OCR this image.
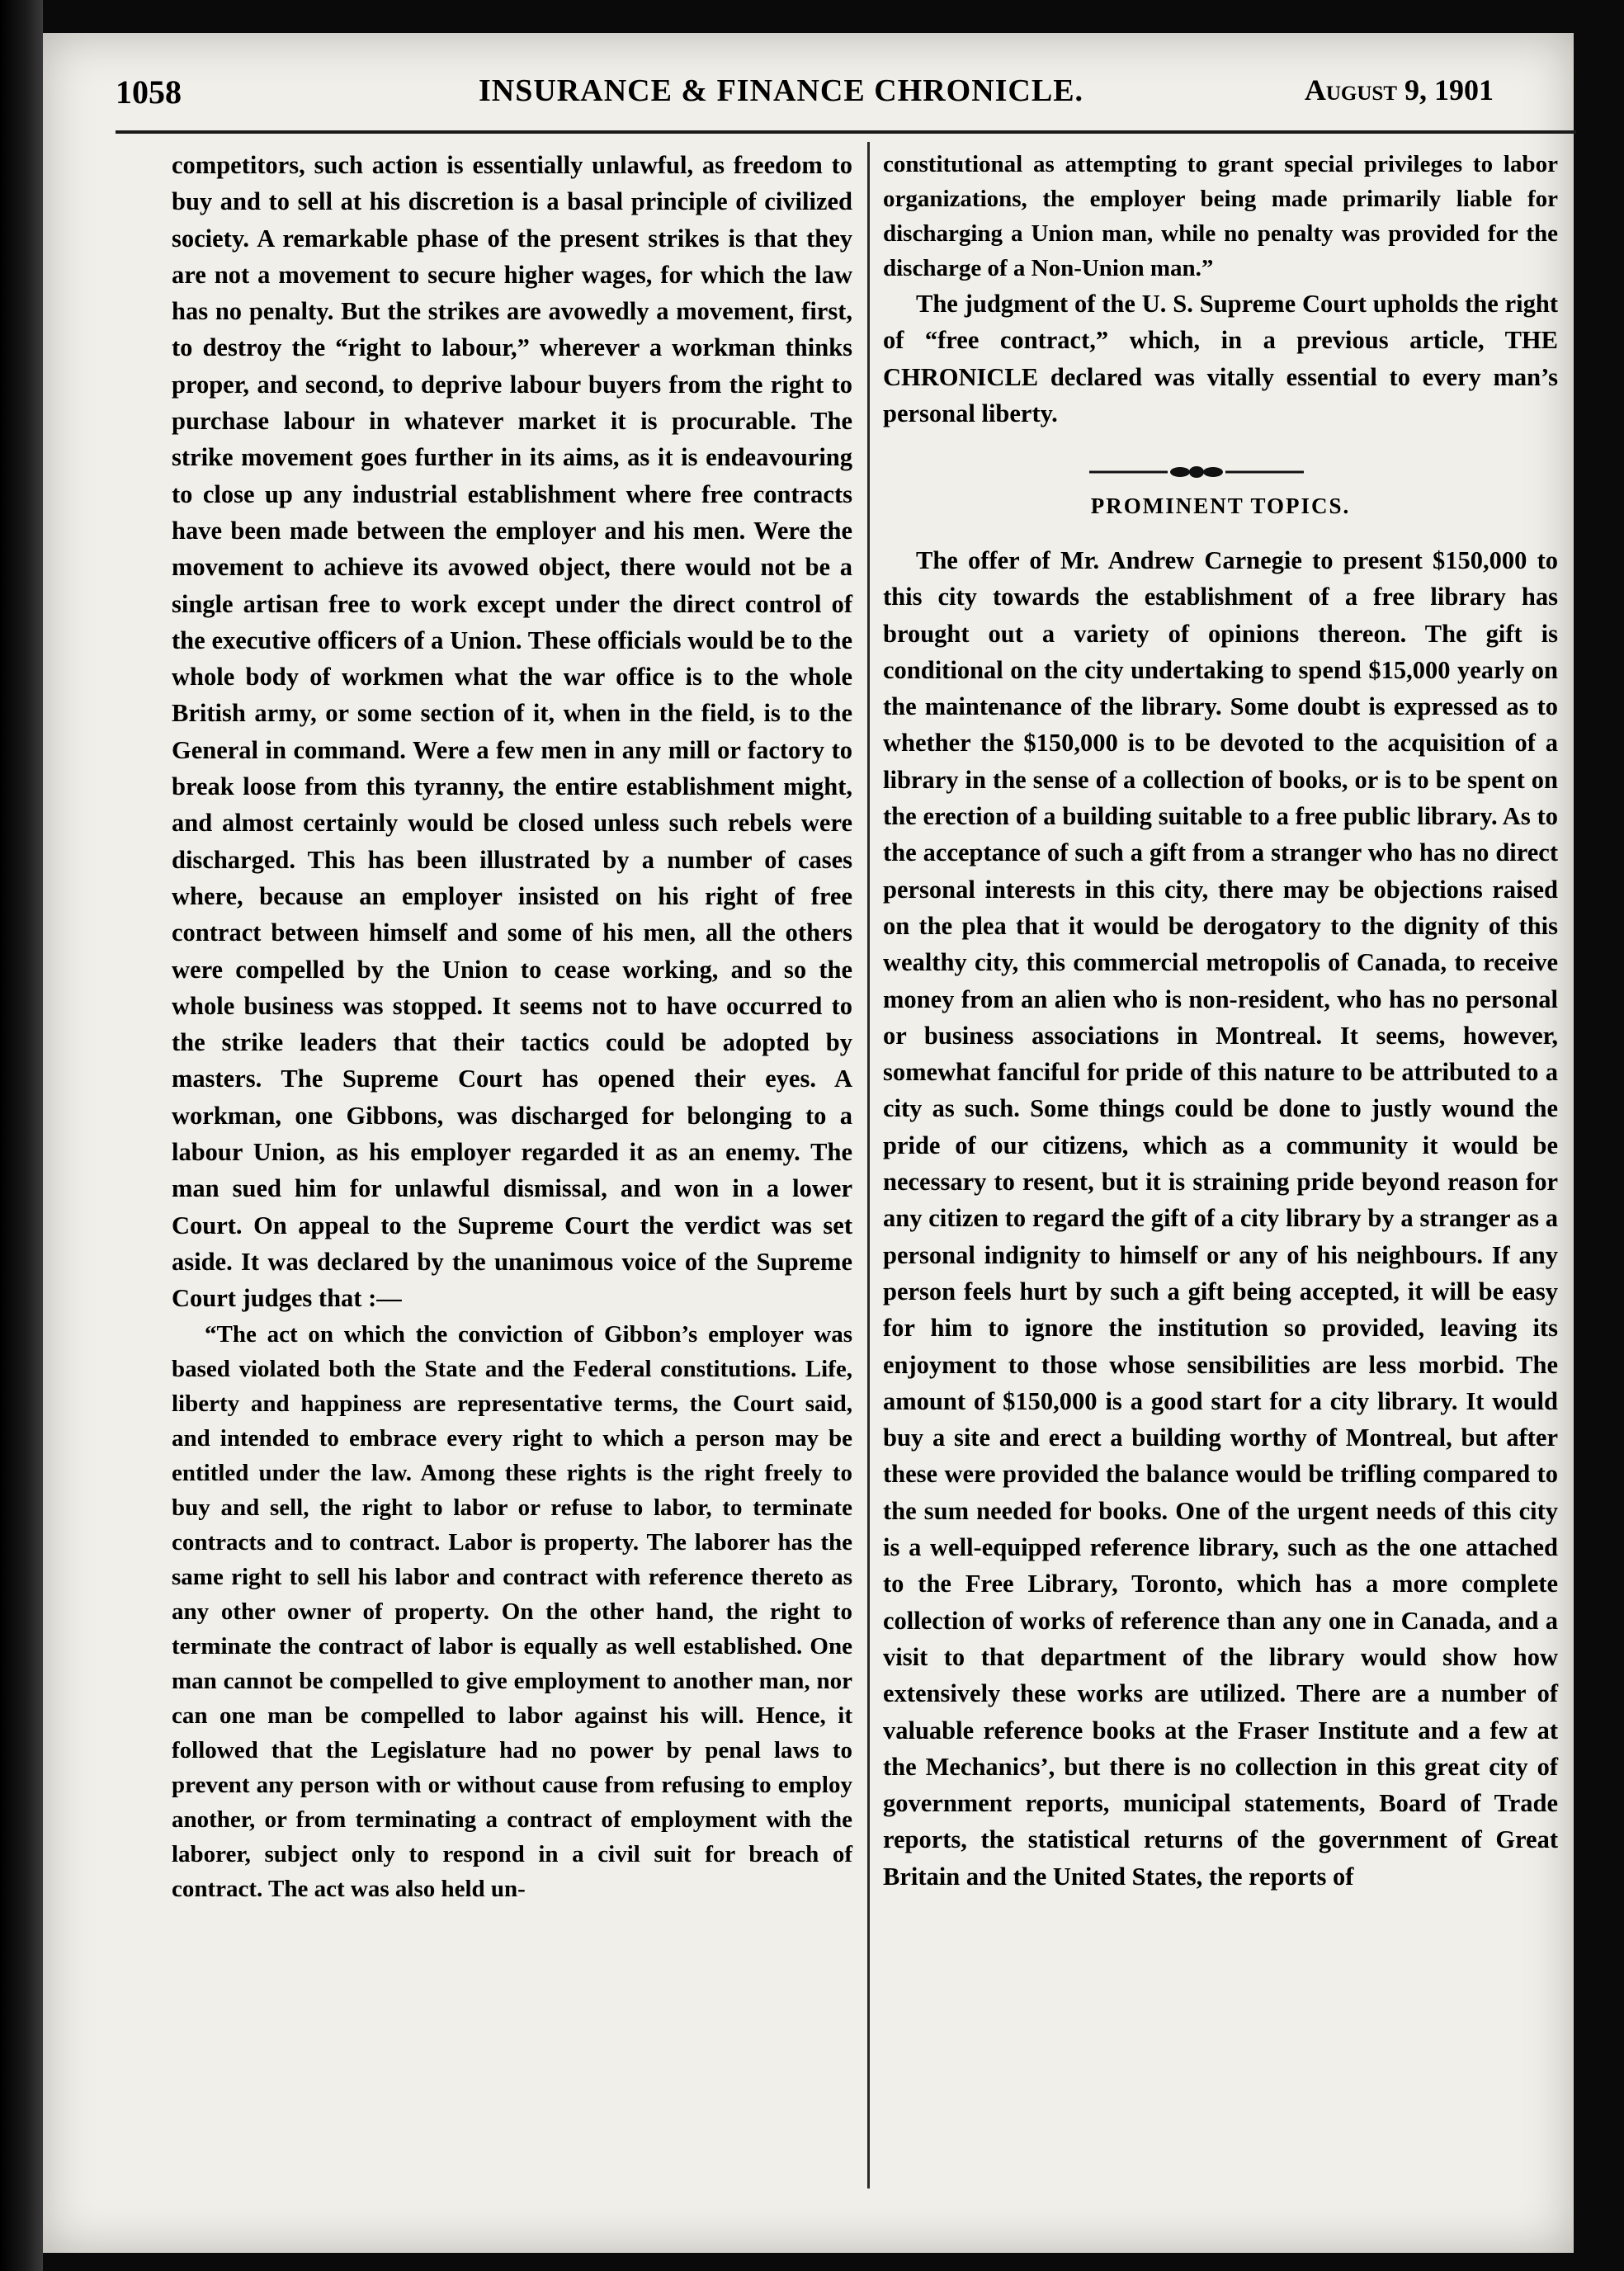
1058	INSURANCE & FINANCE CHRONICLE.	August 9, 1901

competitors, such action is essentially unlawful, as freedom to buy and to sell at his discretion is a basal principle of civilized society. A remarkable phase of the present strikes is that they are not a movement to secure higher wages, for which the law has no penalty. But the strikes are avowedly a movement, first, to destroy the “right to labour,” wherever a workman thinks proper, and second, to deprive labour buyers from the right to purchase labour in whatever market it is procurable. The strike movement goes further in its aims, as it is endeavouring to close up any industrial establishment where free contracts have been made between the employer and his men. Were the movement to achieve its avowed object, there would not be a single artisan free to work except under the direct control of the executive officers of a Union. These officials would be to the whole body of workmen what the war office is to the whole British army, or some section of it, when in the field, is to the General in command. Were a few men in any mill or factory to break loose from this tyranny, the entire establishment might, and almost certainly would be closed unless such rebels were discharged. This has been illustrated by a number of cases where, because an employer insisted on his right of free contract between himself and some of his men, all the others were compelled by the Union to cease working, and so the whole business was stopped. It seems not to have occurred to the strike leaders that their tactics could be adopted by masters. The Supreme Court has opened their eyes. A workman, one Gibbons, was discharged for belonging to a labour Union, as his employer regarded it as an enemy. The man sued him for unlawful dismissal, and won in a lower Court. On appeal to the Supreme Court the verdict was set aside. It was declared by the unanimous voice of the Supreme Court judges that :—

“The act on which the conviction of Gibbon’s employer was based violated both the State and the Federal constitutions. Life, liberty and happiness are representative terms, the Court said, and intended to embrace every right to which a person may be entitled under the law. Among these rights is the right freely to buy and sell, the right to labor or refuse to labor, to terminate contracts and to contract. Labor is property. The laborer has the same right to sell his labor and contract with reference thereto as any other owner of property. On the other hand, the right to terminate the contract of labor is equally as well established. One man cannot be compelled to give employment to another man, nor can one man be compelled to labor against his will. Hence, it followed that the Legislature had no power by penal laws to prevent any person with or without cause from refusing to employ another, or from terminating a contract of employment with the laborer, subject only to respond in a civil suit for breach of contract. The act was also held un-

constitutional as attempting to grant special privileges to labor organizations, the employer being made primarily liable for discharging a Union man, while no penalty was provided for the discharge of a Non-Union man.”

The judgment of the U. S. Supreme Court upholds the right of “free contract,” which, in a previous article, THE CHRONICLE declared was vitally essential to every man’s personal liberty.

PROMINENT TOPICS.

The offer of Mr. Andrew Carnegie to present $150,000 to this city towards the establishment of a free library has brought out a variety of opinions thereon. The gift is conditional on the city undertaking to spend $15,000 yearly on the maintenance of the library. Some doubt is expressed as to whether the $150,000 is to be devoted to the acquisition of a library in the sense of a collection of books, or is to be spent on the erection of a building suitable to a free public library. As to the acceptance of such a gift from a stranger who has no direct personal interests in this city, there may be objections raised on the plea that it would be derogatory to the dignity of this wealthy city, this commercial metropolis of Canada, to receive money from an alien who is non-resident, who has no personal or business associations in Montreal. It seems, however, somewhat fanciful for pride of this nature to be attributed to a city as such. Some things could be done to justly wound the pride of our citizens, which as a community it would be necessary to resent, but it is straining pride beyond reason for any citizen to regard the gift of a city library by a stranger as a personal indignity to himself or any of his neighbours. If any person feels hurt by such a gift being accepted, it will be easy for him to ignore the institution so provided, leaving its enjoyment to those whose sensibilities are less morbid. The amount of $150,000 is a good start for a city library. It would buy a site and erect a building worthy of Montreal, but after these were provided the balance would be trifling compared to the sum needed for books. One of the urgent needs of this city is a well-equipped reference library, such as the one attached to the Free Library, Toronto, which has a more complete collection of works of reference than any one in Canada, and a visit to that department of the library would show how extensively these works are utilized. There are a number of valuable reference books at the Fraser Institute and a few at the Mechanics’, but there is no collection in this great city of government reports, municipal statements, Board of Trade reports, the statistical returns of the government of Great Britain and the United States, the reports of
